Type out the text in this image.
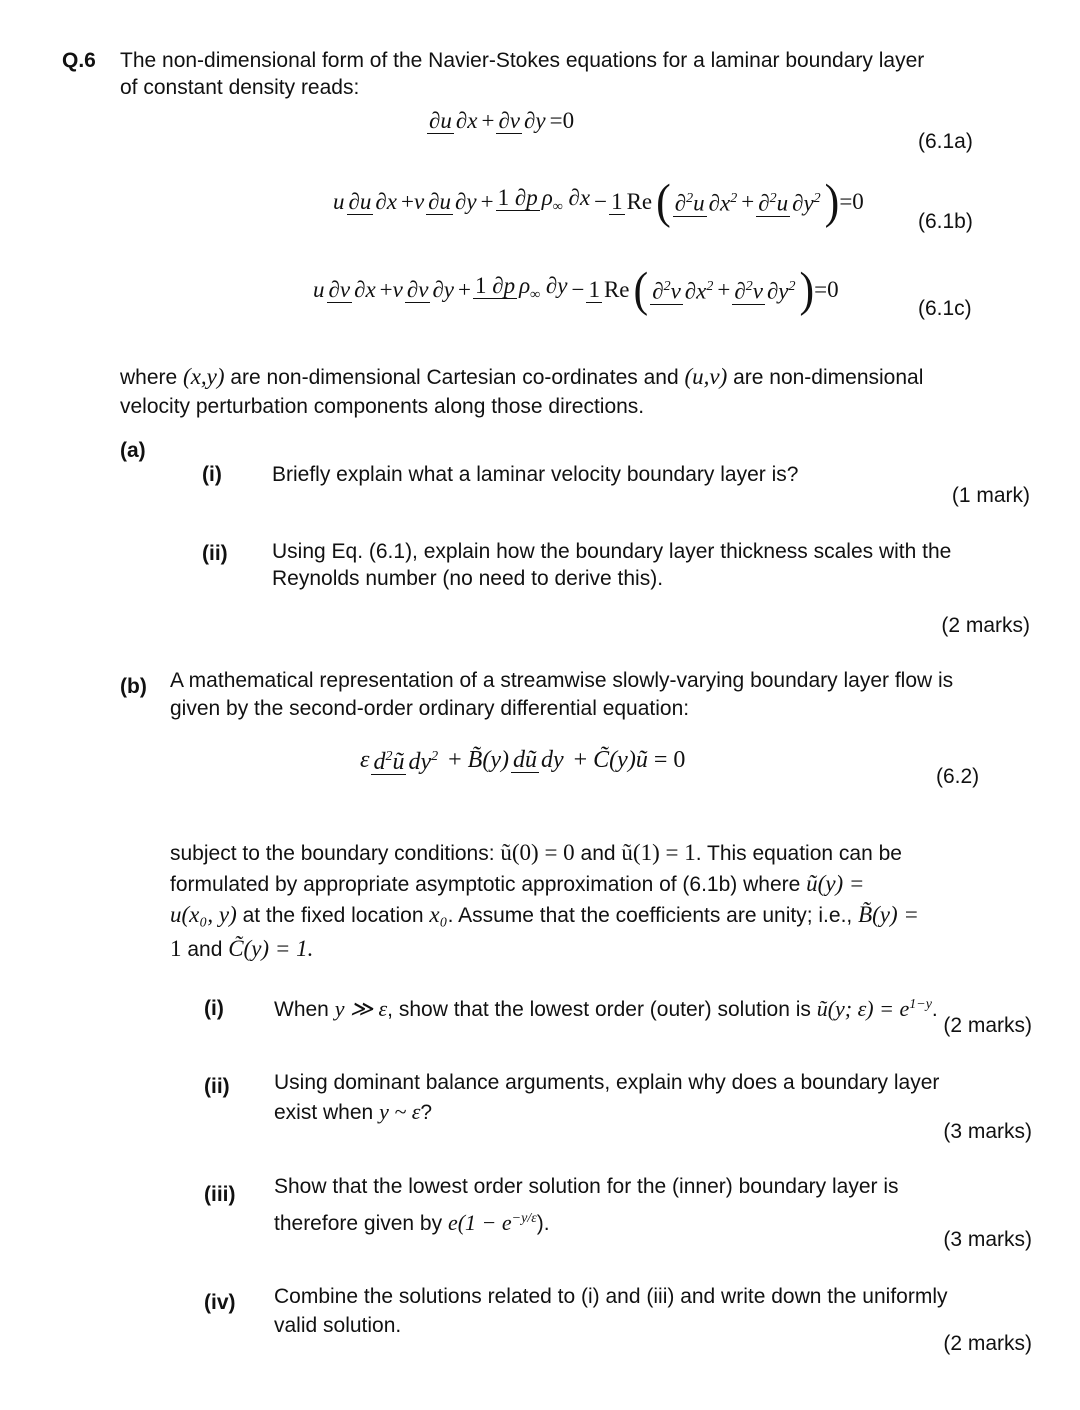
Q.6 The non-dimensional form of the Navier-Stokes equations for a laminar boundary layer
of constant density reads:
∂u ∂x + ∂v ∂y =0
(6.1a)
u ∂u ∂x + v ∂u ∂y + 1 ∂p $\rho_\infty$ ∂x − 1 Re ( ∂$^2$u $\partial x^2 + \partial^2u$ $\partial y^2$ ) =0
(6.1b)
u ∂v ∂x + v ∂v ∂y + 1 ∂p $\rho_\infty$ ∂y − 1 Re ( ∂$^2$v $\partial x^2 + \partial^2v$ $\partial y^2$ ) =0
(6.1c)
where (x,y) are non-dimensional Cartesian co-ordinates and (u,v) are non-dimensional
velocity perturbation components along those directions.
(a)
(i) Briefly explain what a laminar velocity boundary layer is?
(1 mark)
(ii) Using Eq. (6.1), explain how the boundary layer thickness scales with the
Reynolds number (no need to derive this).
(2 marks)
(b) A mathematical representation of a streamwise slowly-varying boundary layer flow is
given by the second-order ordinary differential equation:
ε $d^2ũ$ $dy^2$ + B̃(y) dũ dy + C̃(y)ũ = 0
(6.2)
subject to the boundary conditions: ũ(0) = 0 and ũ(1) = 1. This equation can be
formulated by appropriate asymptotic approximation of (6.1b) where ũ(y) =
u(x₀, y) at the fixed location x₀. Assume that the coefficients are unity; i.e., B̃(y) =
1 and C̃(y) = 1.
(i) When y ≫ ε, show that the lowest order (outer) solution is ũ(y; $\varepsilon) = e^{1-y}$.
(2 marks)
(ii) Using dominant balance arguments, explain why does a boundary layer
exist when y ~ ε?
(3 marks)
(iii) Show that the lowest order solution for the (inner) boundary layer is
therefore given by $e(1 - e^{-y/\varepsilon})$.
(3 marks)
(iv) Combine the solutions related to (i) and (iii) and write down the uniformly
valid solution.
(2 marks)
